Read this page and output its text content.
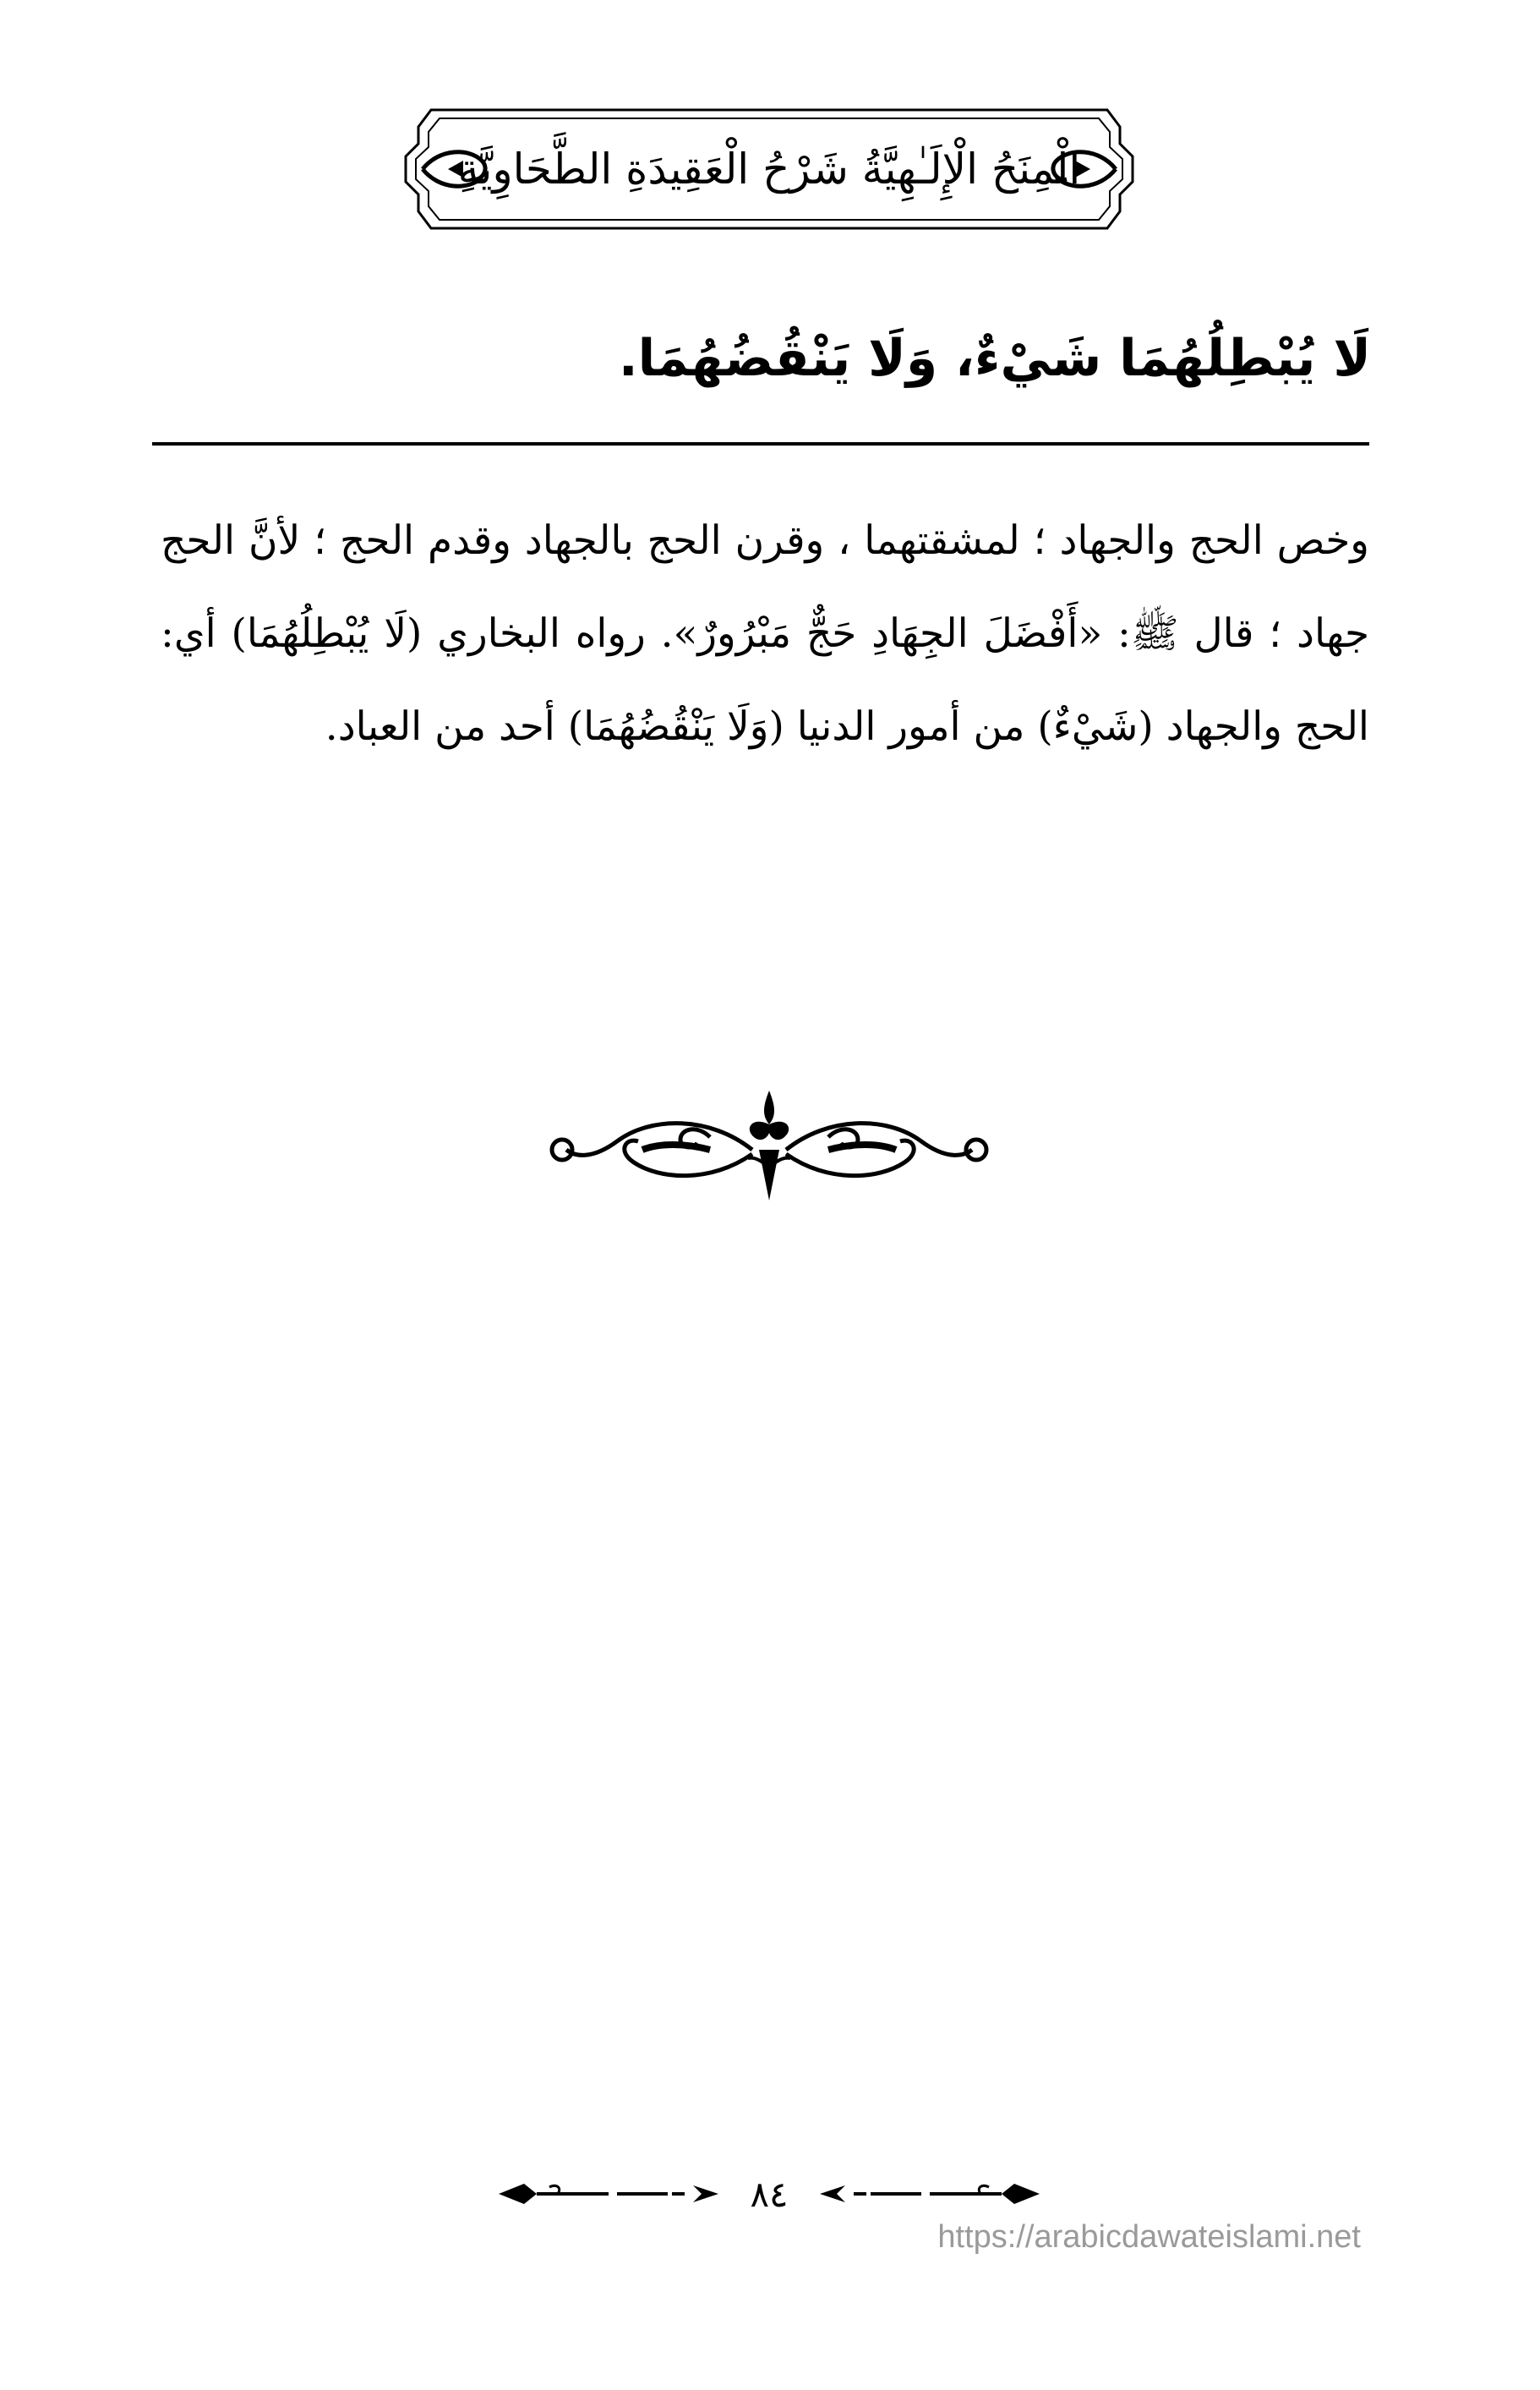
الْمِنَحُ الْإِلَـٰهِيَّةُ شَرْحُ الْعَقِيدَةِ الطَّحَاوِيَّةِ
لَا يُبْطِلُهُمَا شَيْءٌ، وَلَا يَنْقُضُهُمَا.

وخص الحج والجهاد ؛ لمشقتهما ، وقرن الحج بالجهاد وقدم الحج ؛ لأنَّ الحج جهاد ؛ قال ﷺ: «أَفْضَلَ الجِهَادِ حَجٌّ مَبْرُورٌ». رواه البخاري (لَا يُبْطِلُهُمَا) أي: الحج والجهاد (شَيْءٌ) من أمور الدنيا (وَلَا يَنْقُضُهُمَا) أحد من العباد.

٨٤
https://arabicdawateislami.net
